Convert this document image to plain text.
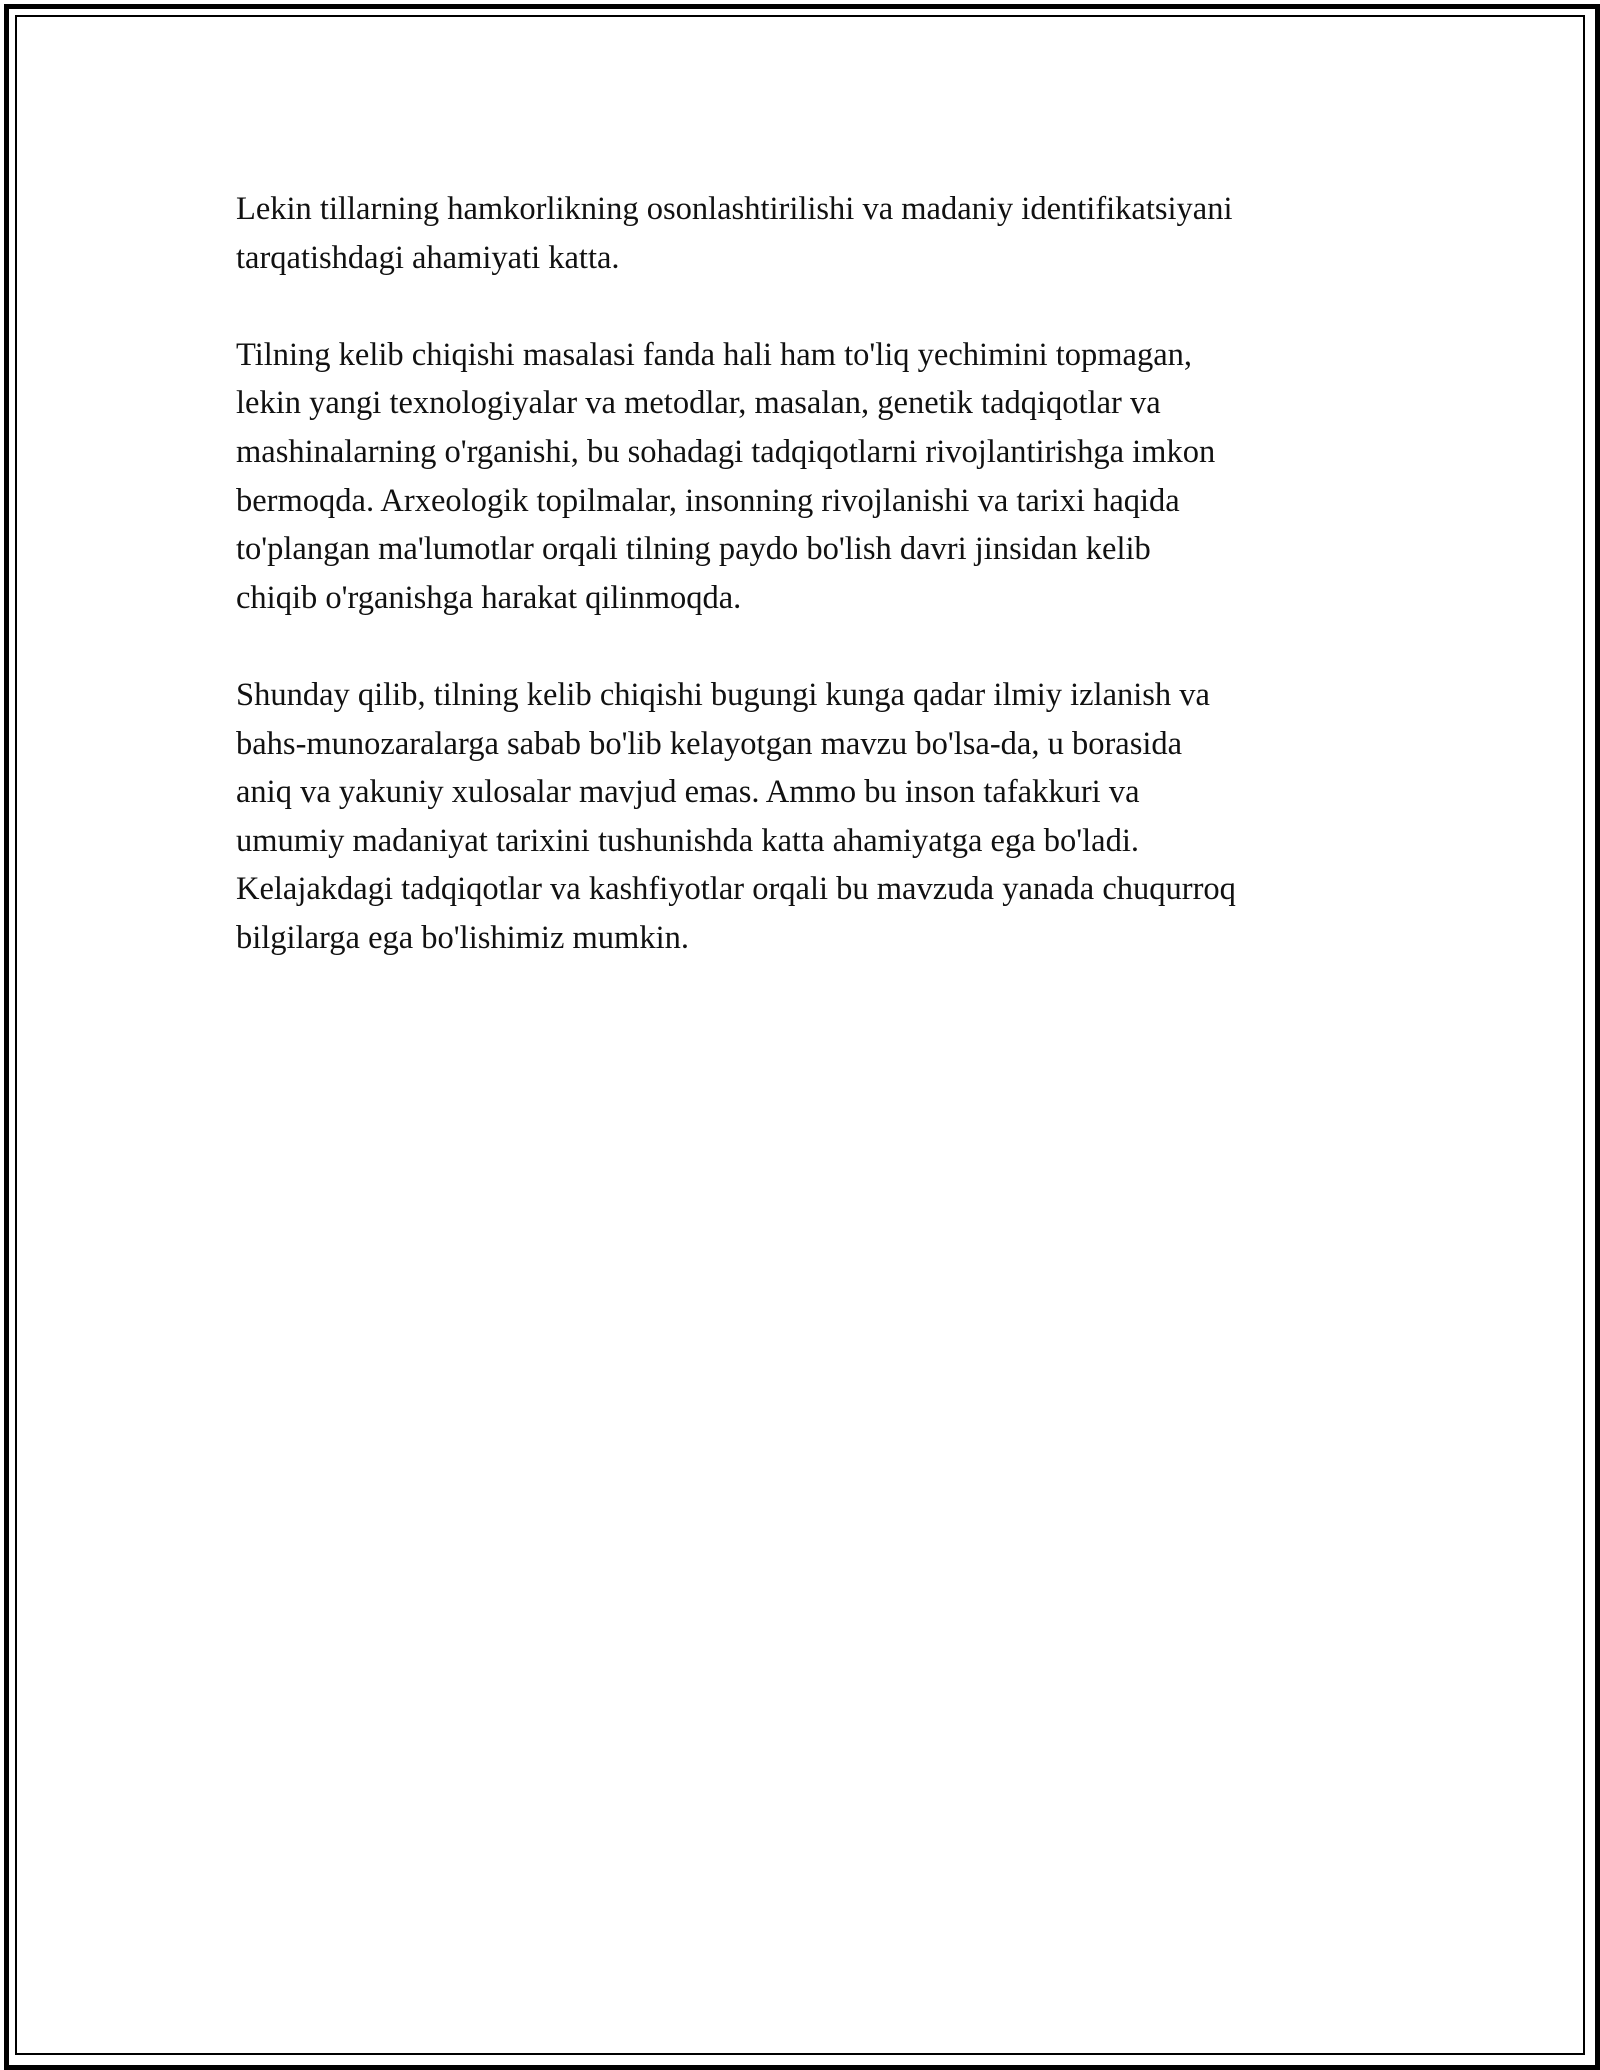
Lekin tillarning hamkorlikning osonlashtirilishi va madaniy identifikatsiyani
tarqatishdagi ahamiyati katta.

Tilning kelib chiqishi masalasi fanda hali ham to'liq yechimini topmagan,
lekin yangi texnologiyalar va metodlar, masalan, genetik tadqiqotlar va
mashinalarning o'rganishi, bu sohadagi tadqiqotlarni rivojlantirishga imkon
bermoqda. Arxeologik topilmalar, insonning rivojlanishi va tarixi haqida
to'plangan ma'lumotlar orqali tilning paydo bo'lish davri jinsidan kelib
chiqib o'rganishga harakat qilinmoqda.

Shunday qilib, tilning kelib chiqishi bugungi kunga qadar ilmiy izlanish va
bahs-munozaralarga sabab bo'lib kelayotgan mavzu bo'lsa-da, u borasida
aniq va yakuniy xulosalar mavjud emas. Ammo bu inson tafakkuri va
umumiy madaniyat tarixini tushunishda katta ahamiyatga ega bo'ladi.
Kelajakdagi tadqiqotlar va kashfiyotlar orqali bu mavzuda yanada chuqurroq
bilgilarga ega bo'lishimiz mumkin.
